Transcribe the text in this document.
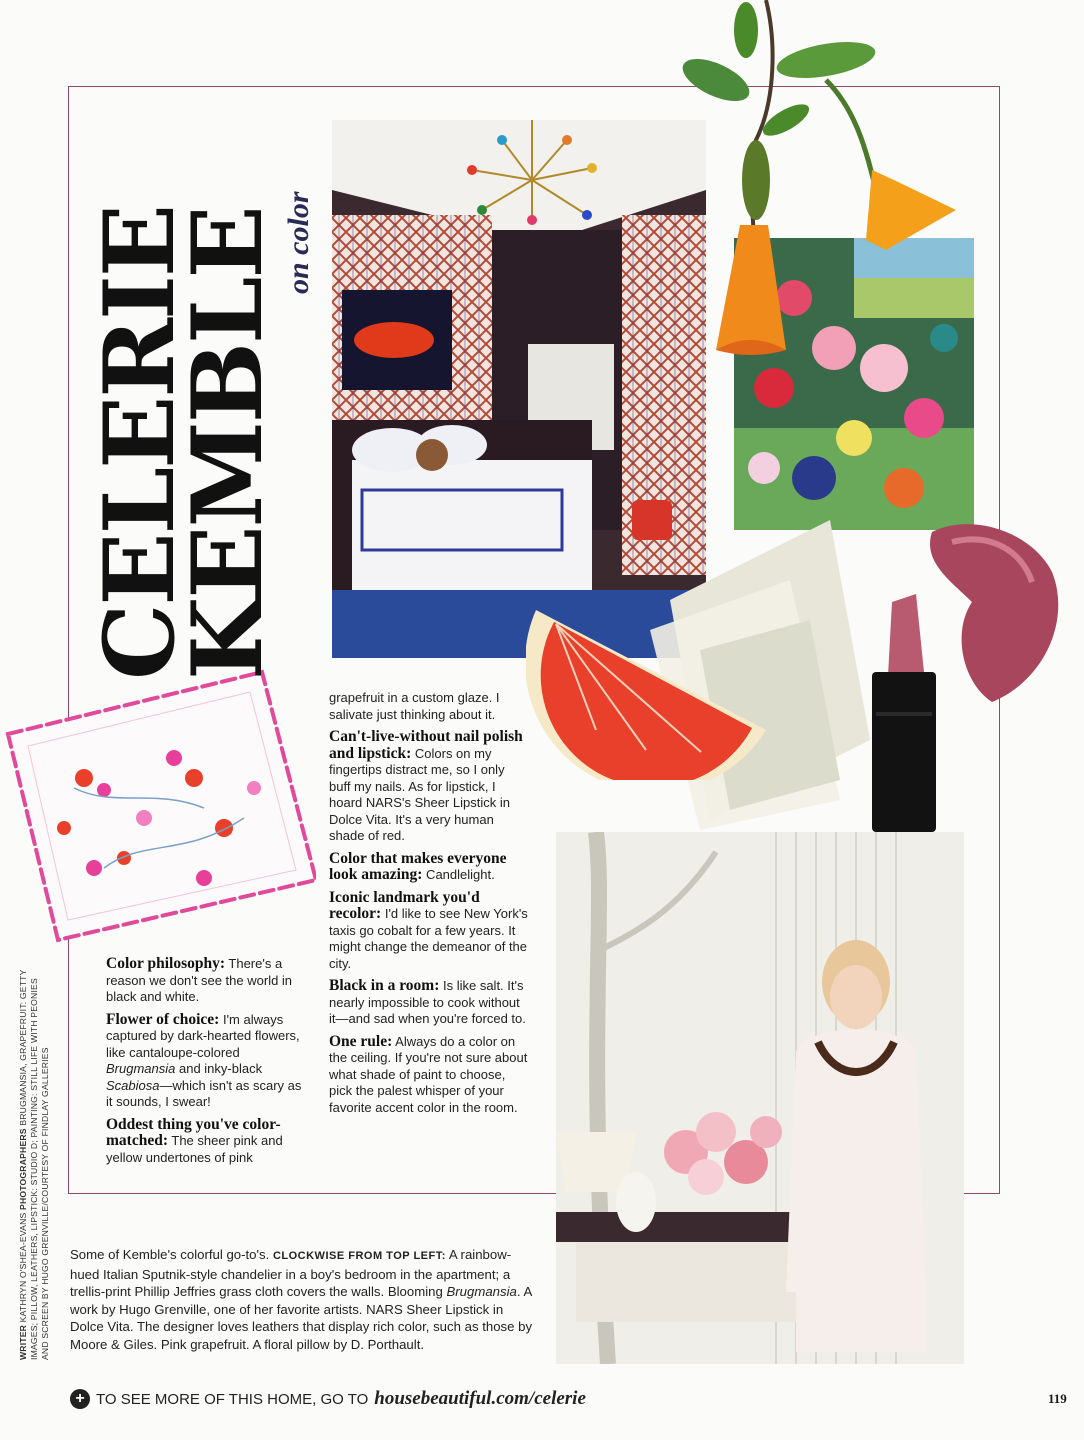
CELERIE
KEMBLE
on color

Color philosophy: There's a reason we don't see the world in black and white.

Flower of choice: I'm always captured by dark-hearted flowers, like cantaloupe-colored Brugmansia and inky-black Scabiosa—which isn't as scary as it sounds, I swear!

Oddest thing you've color-matched: The sheer pink and yellow undertones of pink

grapefruit in a custom glaze. I salivate just thinking about it.

Can't-live-without nail polish and lipstick: Colors on my fingertips distract me, so I only buff my nails. As for lipstick, I hoard NARS's Sheer Lipstick in Dolce Vita. It's a very human shade of red.

Color that makes everyone look amazing: Candlelight.

Iconic landmark you'd recolor: I'd like to see New York's taxis go cobalt for a few years. It might change the demeanor of the city.

Black in a room: Is like salt. It's nearly impossible to cook without it—and sad when you're forced to.

One rule: Always do a color on the ceiling. If you're not sure about what shade of paint to choose, pick the palest whisper of your favorite accent color in the room.

Some of Kemble's colorful go-to's. CLOCKWISE FROM TOP LEFT: A rainbow-hued Italian Sputnik-style chandelier in a boy's bedroom in the apartment; a trellis-print Phillip Jeffries grass cloth covers the walls. Blooming Brugmansia. A work by Hugo Grenville, one of her favorite artists. NARS Sheer Lipstick in Dolce Vita. The designer loves leathers that display rich color, such as those by Moore & Giles. Pink grapefruit. A floral pillow by D. Porthault.
WRITER KATHRYN O'SHEA-EVANS PHOTOGRAPHERS BRUGMANSIA, GRAPEFRUIT: GETTY IMAGES; PILLOW, LEATHERS, LIPSTICK: STUDIO D; PAINTING: STILL LIFE WITH PEONIES AND SCREEN BY HUGO GRENVILLE/COURTESY OF FINDLAY GALLERIES
+ TO SEE MORE OF THIS HOME, GO TO housebeautiful.com/celerie	119
